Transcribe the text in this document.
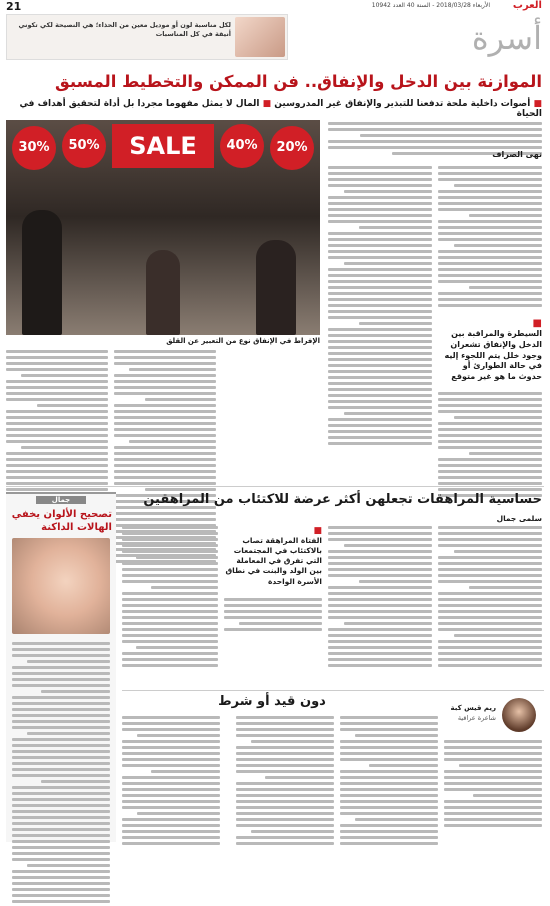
21	العرب
الأربعاء 2018/03/28 - السنة 40 العدد 10942
أسرة
لكل مناسبة لون أو موديل معين من الحذاء؛ هي النصيحة لكي تكوني أنيقة في كل المناسبات
الموازنة بين الدخل والإنفاق.. فن الممكن والتخطيط المسبق
■ أصوات داخلية ملحة تدفعنا للتبذير والإنفاق غير المدروسين ■ المال لا يمثل مفهوما مجردا بل أداة لتحقيق أهداف في الحياة
30%	50%	SALE	40%	20%
الإفراط في الإنفاق نوع من التعبير عن القلق
نهى الصراف
■
السيطرة والمراقبة بين الدخل والإنفاق تشعران وجود خلل يتم اللجوء إليه في حالة الطوارئ أو حدوث ما هو غير متوقع
حساسية المراهقات تجعلهن أكثر عرضة للاكتئاب من المراهقين
سلمى جمال
■
الفتاة المراهقة تصاب بالاكتئاب في المجتمعات التي تفرق في المعاملة بين الولد والبنت في نطاق الأسرة الواحدة
جمال
تصحيح الألوان يخفي الهالات الداكنة
دون قيد أو شرط	ريم قيس كبة
شاعرة عراقية
